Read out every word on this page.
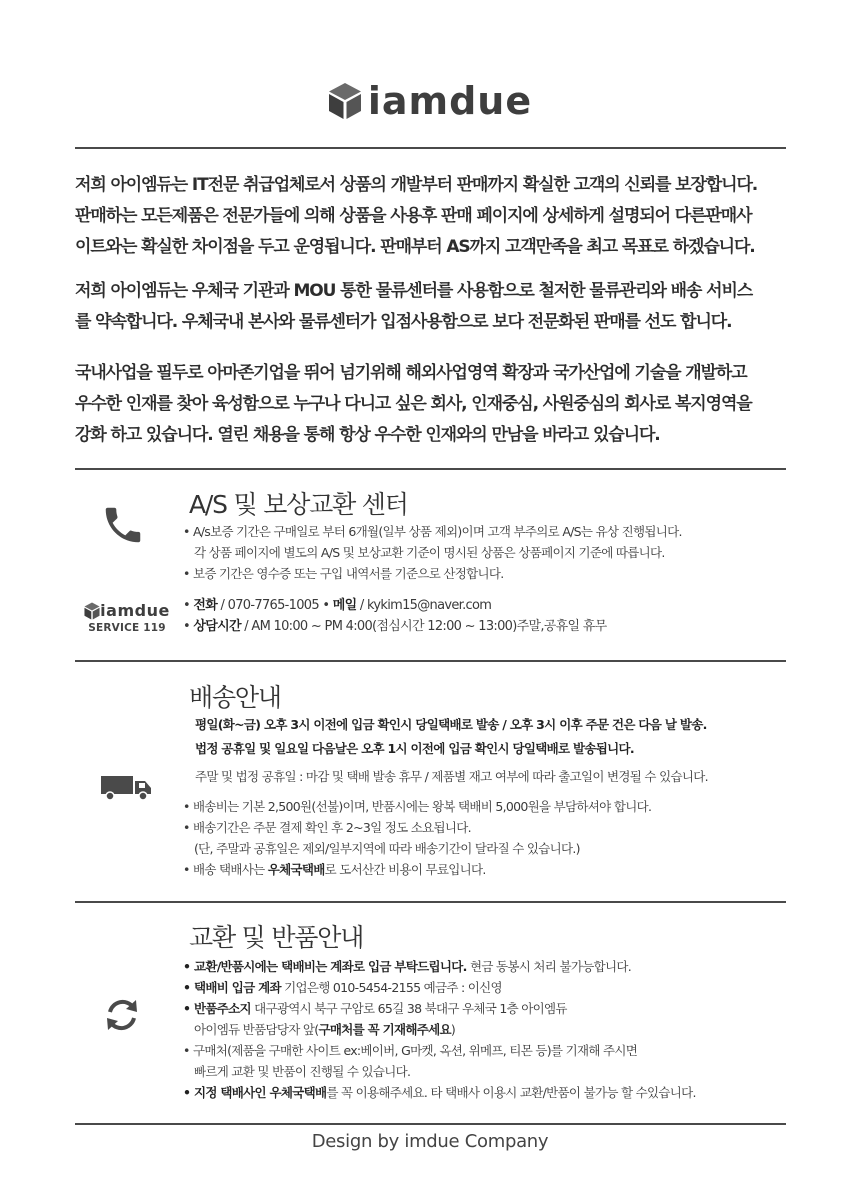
iamdue
저희 아이엠듀는 IT전문 취급업체로서 상품의 개발부터 판매까지 확실한 고객의 신뢰를 보장합니다.
판매하는 모든제품은 전문가들에 의해 상품을 사용후 판매 페이지에 상세하게 설명되어 다른판매사
이트와는 확실한 차이점을 두고 운영됩니다. 판매부터 AS까지 고객만족을 최고 목표로 하겠습니다.
저희 아이엠듀는 우체국 기관과 MOU 통한 물류센터를 사용함으로 철저한 물류관리와 배송 서비스
를 약속합니다. 우체국내 본사와 물류센터가 입점사용함으로 보다 전문화된 판매를 선도 합니다.
국내사업을 필두로 아마존기업을 뛰어 넘기위해 해외사업영역 확장과 국가산업에 기술을 개발하고
우수한 인재를 찾아 육성함으로 누구나 다니고 싶은 회사, 인재중심, 사원중심의 회사로 복지영역을
강화 하고 있습니다. 열린 채용을 통해 항상 우수한 인재와의 만남을 바라고 있습니다.
A/S 및 보상교환 센터
• A/s보증 기간은 구매일로 부터 6개월(일부 상품 제외)이며 고객 부주의로 A/S는 유상 진행됩니다.
각 상품 페이지에 별도의 A/S 및 보상교환 기준이 명시된 상품은 상품페이지 기준에 따릅니다.
• 보증 기간은 영수증 또는 구입 내역서를 기준으로 산정합니다.
• 전화 / 070-7765-1005 • 메일 / kykim15@naver.com
• 상담시간 / AM 10:00 ~ PM 4:00(점심시간 12:00 ~ 13:00)주말,공휴일 휴무
iamdue
SERVICE 119
배송안내
평일(화~금) 오후 3시 이전에 입금 확인시 당일택배로 발송 / 오후 3시 이후 주문 건은 다음 날 발송.
법정 공휴일 및 일요일 다음날은 오후 1시 이전에 입금 확인시 당일택배로 발송됩니다.
주말 및 법정 공휴일 : 마감 및 택배 발송 휴무 / 제품별 재고 여부에 따라 출고일이 변경될 수 있습니다.
• 배송비는 기본 2,500원(선불)이며, 반품시에는 왕복 택배비 5,000원을 부담하셔야 합니다.
• 배송기간은 주문 결제 확인 후 2~3일 정도 소요됩니다.
(단, 주말과 공휴일은 제외/일부지역에 따라 배송기간이 달라질 수 있습니다.)
• 배송 택배사는 우체국택배로 도서산간 비용이 무료입니다.
교환 및 반품안내
• 교환/반품시에는 택배비는 계좌로 입금 부탁드립니다. 현금 동봉시 처리 불가능합니다.
• 택배비 입금 계좌 기업은행 010-5454-2155 예금주 : 이신영
• 반품주소지 대구광역시 북구 구암로 65길 38 북대구 우체국 1층 아이엠듀
아이엠듀 반품담당자 앞(구매처를 꼭 기재해주세요)
• 구매처(제품을 구매한 사이트 ex:베이버, G마켓, 옥션, 위메프, 티몬 등)를 기재해 주시면
빠르게 교환 및 반품이 진행될 수 있습니다.
• 지정 택배사인 우체국택배를 꼭 이용해주세요. 타 택배사 이용시 교환/반품이 불가능 할 수있습니다.
Design by imdue Company
